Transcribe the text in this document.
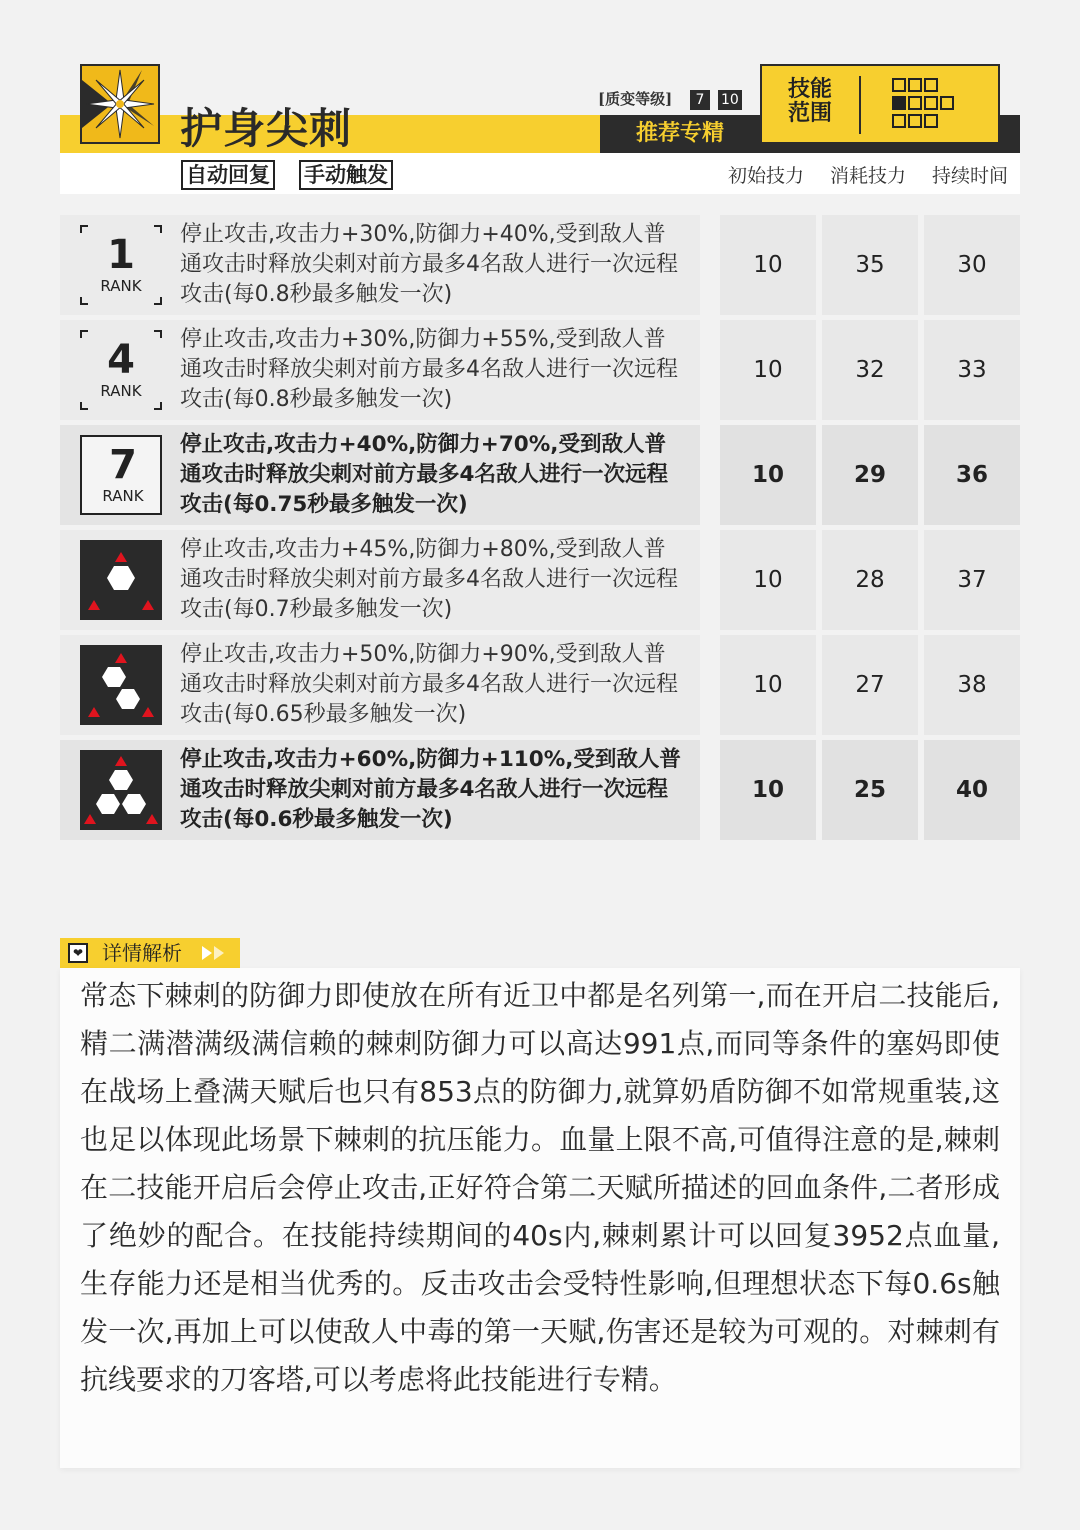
护身尖刺
自动回复 手动触发
[质变等级]	7	10
推荐专精
技能
范围
初始技力	消耗技力	持续时间
1
RANK
停止攻击,攻击力+30%,防御力+40%,受到敌人普通攻击时释放尖刺对前方最多4名敌人进行一次远程攻击(每0.8秒最多触发一次)
10	35	30
4
RANK
停止攻击,攻击力+30%,防御力+55%,受到敌人普通攻击时释放尖刺对前方最多4名敌人进行一次远程攻击(每0.8秒最多触发一次)
10	32	33
7
RANK
停止攻击,攻击力+40%,防御力+70%,受到敌人普通攻击时释放尖刺对前方最多4名敌人进行一次远程攻击(每0.75秒最多触发一次)
10	29	36
停止攻击,攻击力+45%,防御力+80%,受到敌人普通攻击时释放尖刺对前方最多4名敌人进行一次远程攻击(每0.7秒最多触发一次)
10	28	37
停止攻击,攻击力+50%,防御力+90%,受到敌人普通攻击时释放尖刺对前方最多4名敌人进行一次远程攻击(每0.65秒最多触发一次)
10	27	38
停止攻击,攻击力+60%,防御力+110%,受到敌人普通攻击时释放尖刺对前方最多4名敌人进行一次远程攻击(每0.6秒最多触发一次)
10	25	40
❤ 详情解析
常态下棘刺的防御力即使放在所有近卫中都是名列第一,而在开启二技能后,精二满潜满级满信赖的棘刺防御力可以高达991点,而同等条件的塞妈即使在战场上叠满天赋后也只有853点的防御力,就算奶盾防御不如常规重装,这也足以体现此场景下棘刺的抗压能力。血量上限不高,可值得注意的是,棘刺在二技能开启后会停止攻击,正好符合第二天赋所描述的回血条件,二者形成了绝妙的配合。在技能持续期间的40s内,棘刺累计可以回复3952点血量,生存能力还是相当优秀的。反击攻击会受特性影响,但理想状态下每0.6s触发一次,再加上可以使敌人中毒的第一天赋,伤害还是较为可观的。对棘刺有抗线要求的刀客塔,可以考虑将此技能进行专精。
